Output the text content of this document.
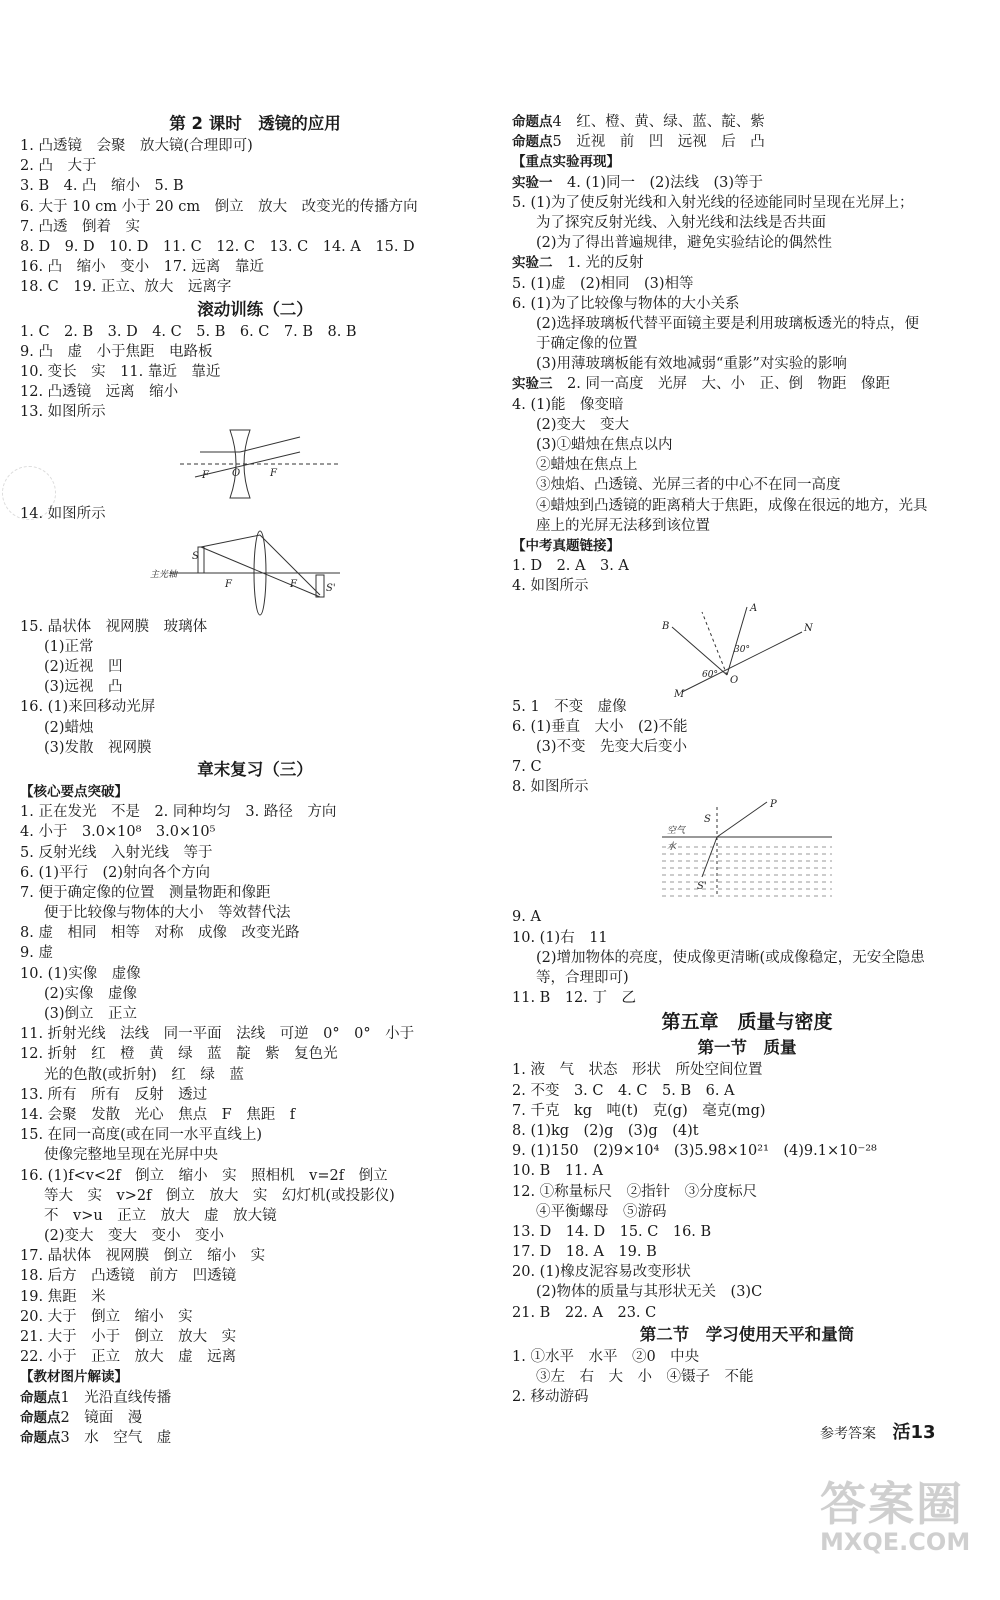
第 2 课时　透镜的应用
1. 凸透镜　会聚　放大镜(合理即可)
2. 凸　大于
3. B　4. 凸　缩小　5. B
6. 大于 10 cm 小于 20 cm　倒立　放大　改变光的传播方向
7. 凸透　倒着　实
8. D　9. D　10. D　11. C　12. C　13. C　14. A　15. D
16. 凸　缩小　变小　17. 远离　靠近
18. C　19. 正立、放大　远离字
滚动训练（二）
1. C　2. B　3. D　4. C　5. B　6. C　7. B　8. B
9. 凸　虚　小于焦距　电路板
10. 变长　实　11. 靠近　靠近
12. 凸透镜　远离　缩小
13. 如图所示
F O	F
14. 如图所示
主光轴
S
F	F	S'
15. 晶状体　视网膜　玻璃体
(1)正常
(2)近视　凹
(3)远视　凸
16. (1)来回移动光屏
(2)蜡烛
(3)发散　视网膜
章末复习（三）
【核心要点突破】
1. 正在发光　不是　2. 同种均匀　3. 路径　方向
4. 小于　3.0×10⁸　3.0×10⁵
5. 反射光线　入射光线　等于
6. (1)平行　(2)射向各个方向
7. 便于确定像的位置　测量物距和像距
便于比较像与物体的大小　等效替代法
8. 虚　相同　相等　对称　成像　改变光路
9. 虚
10. (1)实像　虚像
(2)实像　虚像
(3)倒立　正立
11. 折射光线　法线　同一平面　法线　可逆　0°　0°　小于
12. 折射　红　橙　黄　绿　蓝　靛　紫　复色光
光的色散(或折射)　红　绿　蓝
13. 所有　所有　反射　透过
14. 会聚　发散　光心　焦点　F　焦距　f
15. 在同一高度(或在同一水平直线上)
使像完整地呈现在光屏中央
16. (1)f<v<2f　倒立　缩小　实　照相机　v=2f　倒立
等大　实　v>2f　倒立　放大　实　幻灯机(或投影仪)
不　v>u　正立　放大　虚　放大镜
(2)变大　变大　变小　变小
17. 晶状体　视网膜　倒立　缩小　实
18. 后方　凸透镜　前方　凹透镜
19. 焦距　米
20. 大于　倒立　缩小　实
21. 大于　小于　倒立　放大　实
22. 小于　正立　放大　虚　远离
【教材图片解读】
命题点1　光沿直线传播
命题点2　镜面　漫
命题点3　水　空气　虚
命题点4　红、橙、黄、绿、蓝、靛、紫
命题点5　近视　前　凹　远视　后　凸
【重点实验再现】
实验一　4. (1)同一　(2)法线　(3)等于
5. (1)为了使反射光线和入射光线的径迹能同时呈现在光屏上；
为了探究反射光线、入射光线和法线是否共面
(2)为了得出普遍规律，避免实验结论的偶然性
实验二　1. 光的反射
5. (1)虚　(2)相同　(3)相等
6. (1)为了比较像与物体的大小关系
(2)选择玻璃板代替平面镜主要是利用玻璃板透光的特点，便
于确定像的位置
(3)用薄玻璃板能有效地减弱“重影”对实验的影响
实验三　2. 同一高度　光屏　大、小　正、倒　物距　像距
4. (1)能　像变暗
(2)变大　变大
(3)①蜡烛在焦点以内
②蜡烛在焦点上
③烛焰、凸透镜、光屏三者的中心不在同一高度
④蜡烛到凸透镜的距离稍大于焦距，成像在很远的地方，光具
座上的光屏无法移到该位置
【中考真题链接】
1. D　2. A　3. A
4. 如图所示
A
B	N
M
O
30°
60°
5. 1　不变　虚像
6. (1)垂直　大小　(2)不能
(3)不变　先变大后变小
7. C
8. 如图所示
P
S
空气
水
S'
9. A
10. (1)右　11
(2)增加物体的亮度，使成像更清晰(或成像稳定，无安全隐患
等，合理即可)
11. B　12. 丁　乙
第五章　质量与密度
第一节　质量
1. 液　气　状态　形状　所处空间位置
2. 不变　3. C　4. C　5. B　6. A
7. 千克　kg　吨(t)　克(g)　毫克(mg)
8. (1)kg　(2)g　(3)g　(4)t
9. (1)150　(2)9×10⁴　(3)5.98×10²¹　(4)9.1×10⁻²⁸
10. B　11. A
12. ①称量标尺　②指针　③分度标尺
④平衡螺母　⑤游码
13. D　14. D　15. C　16. B
17. D　18. A　19. B
20. (1)橡皮泥容易改变形状
(2)物体的质量与其形状无关　(3)C
21. B　22. A　23. C
第二节　学习使用天平和量筒
1. ①水平　水平　②0　中央
③左　右　大　小　④镊子　不能
2. 移动游码
参考答案 活13
答案圈
MXQE.COM
